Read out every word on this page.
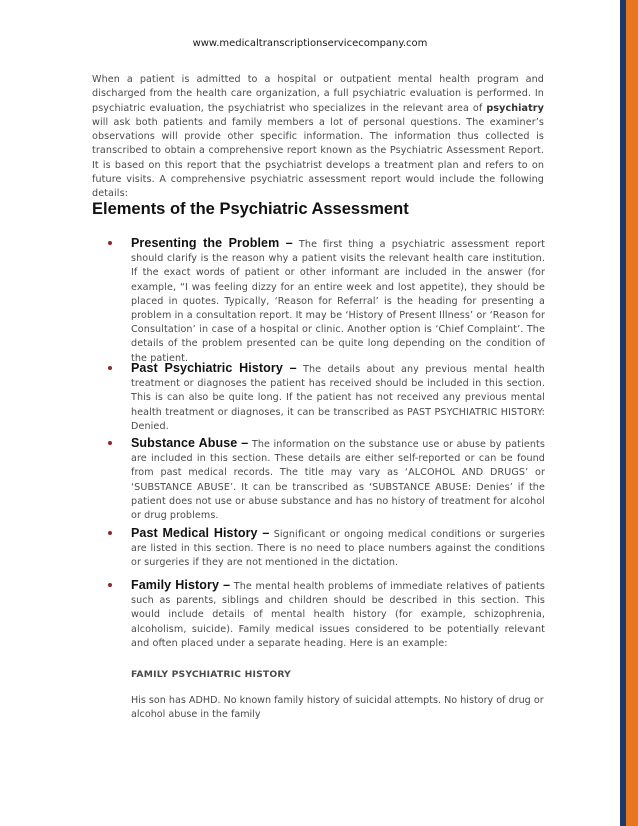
www.medicaltranscriptionservicecompany.com

When a patient is admitted to a hospital or outpatient mental health program and discharged from the health care organization, a full psychiatric evaluation is performed. In psychiatric evaluation, the psychiatrist who specializes in the relevant area of psychiatry will ask both patients and family members a lot of personal questions. The examiner’s observations will provide other specific information. The information thus collected is transcribed to obtain a comprehensive report known as the Psychiatric Assessment Report. It is based on this report that the psychiatrist develops a treatment plan and refers to on future visits. A comprehensive psychiatric assessment report would include the following details:

Elements of the Psychiatric Assessment

Presenting the Problem – The first thing a psychiatric assessment report should clarify is the reason why a patient visits the relevant health care institution. If the exact words of patient or other informant are included in the answer (for example, “I was feeling dizzy for an entire week and lost appetite), they should be placed in quotes. Typically, ‘Reason for Referral’ is the heading for presenting a problem in a consultation report. It may be ‘History of Present Illness’ or ‘Reason for Consultation’ in case of a hospital or clinic. Another option is ‘Chief Complaint’. The details of the problem presented can be quite long depending on the condition of the patient.

Past Psychiatric History – The details about any previous mental health treatment or diagnoses the patient has received should be included in this section. This is can also be quite long. If the patient has not received any previous mental health treatment or diagnoses, it can be transcribed as PAST PSYCHIATRIC HISTORY: Denied.

Substance Abuse – The information on the substance use or abuse by patients are included in this section. These details are either self-reported or can be found from past medical records. The title may vary as ‘ALCOHOL AND DRUGS’ or ‘SUBSTANCE ABUSE’. It can be transcribed as ‘SUBSTANCE ABUSE: Denies’ if the patient does not use or abuse substance and has no history of treatment for alcohol or drug problems.

Past Medical History – Significant or ongoing medical conditions or surgeries are listed in this section. There is no need to place numbers against the conditions or surgeries if they are not mentioned in the dictation.

Family History – The mental health problems of immediate relatives of patients such as parents, siblings and children should be described in this section. This would include details of mental health history (for example, schizophrenia, alcoholism, suicide). Family medical issues considered to be potentially relevant and often placed under a separate heading. Here is an example:

FAMILY PSYCHIATRIC HISTORY
His son has ADHD. No known family history of suicidal attempts. No history of drug or alcohol abuse in the family
